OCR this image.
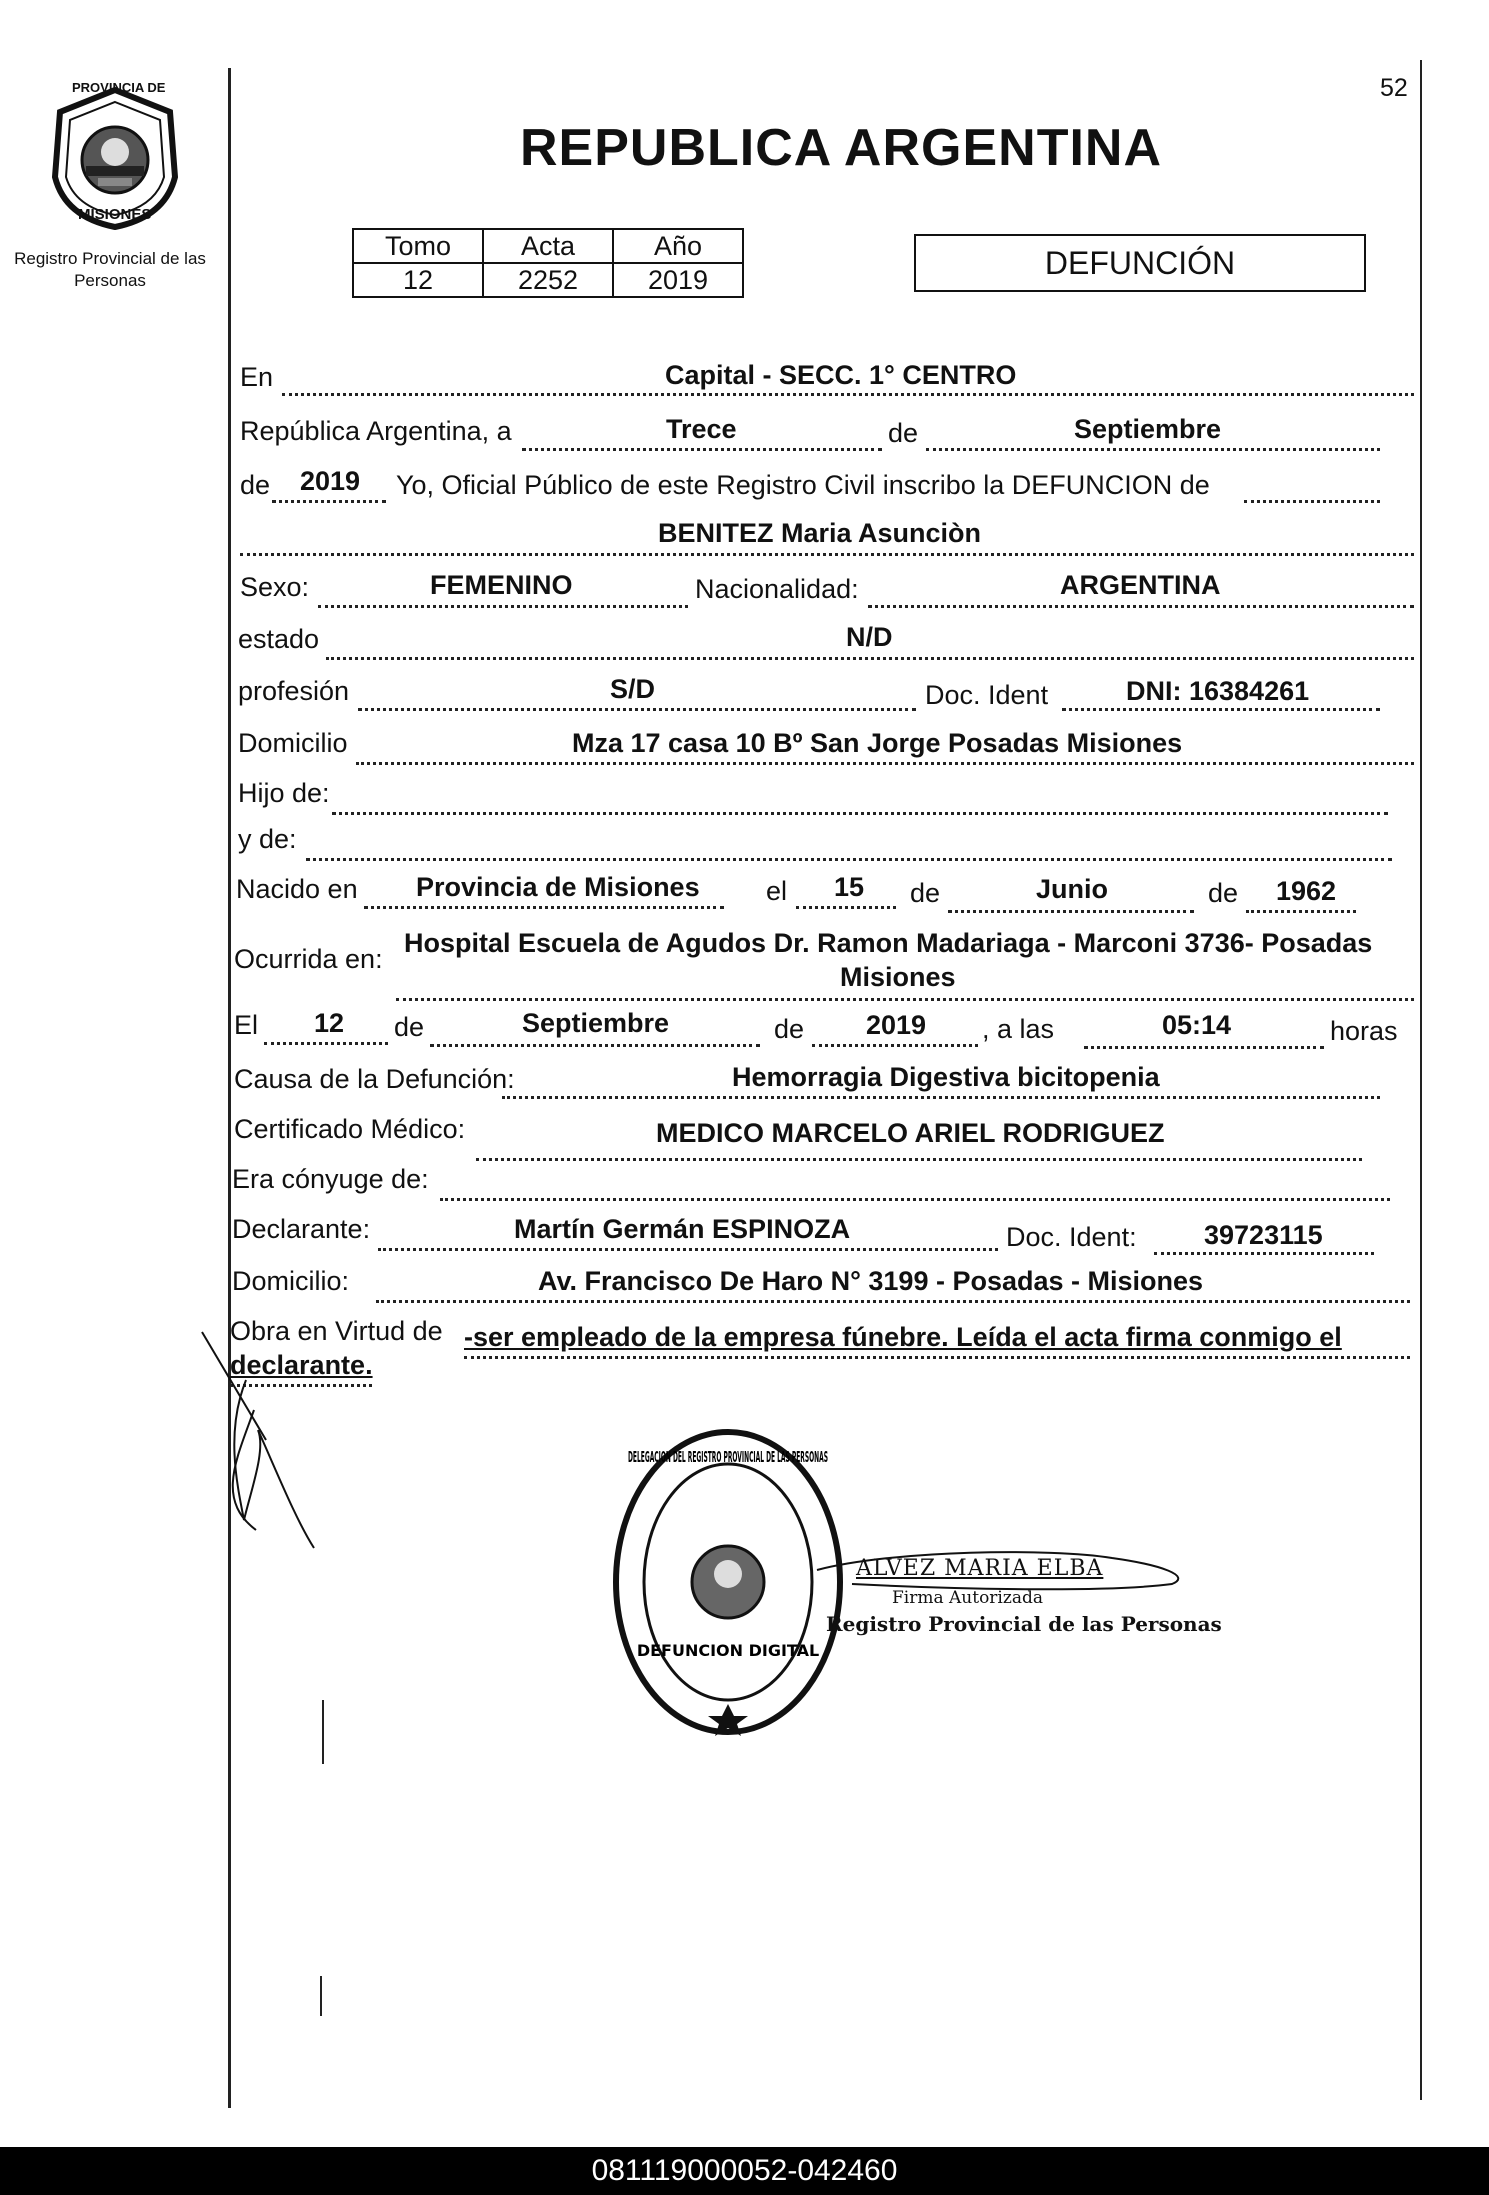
PROVINCIA DE
MISIONES
Registro Provincial de las Personas
52
REPUBLICA ARGENTINA
Tomo	Acta	Año
12	2252	2019	DEFUNCIÓN
En	Capital - SECC. 1° CENTRO
República Argentina, a	Trece	de	Septiembre
de 2019 Yo, Oficial Público de este Registro Civil inscribo la DEFUNCION de
BENITEZ Maria Asunciòn
Sexo:	FEMENINO	Nacionalidad:	ARGENTINA
estado	N/D
profesión	S/D	Doc. Ident	DNI: 16384261
Domicilio	Mza 17 casa 10 Bº San Jorge Posadas Misiones
Hijo de:
y de:
Nacido en Provincia de Misiones el 15 de	Junio	de 1962
Ocurrida en:
Hospital Escuela de Agudos Dr. Ramon Madariaga - Marconi 3736- Posadas
Misiones
El 12 de	Septiembre	de 2019 , a las	05:14	horas
Causa de la Defunción:	Hemorragia Digestiva bicitopenia
Certificado Médico:	MEDICO MARCELO ARIEL RODRIGUEZ
Era cónyuge de:
Declarante:	Martín Germán ESPINOZA	Doc. Ident: 39723115
Domicilio:	Av. Francisco De Haro N° 3199 - Posadas - Misiones
Obra en Virtud de -ser empleado de la empresa fúnebre. Leída el acta firma conmigo el
declarante.
DELEGACION DEL REGISTRO PROVINCIAL DE LAS PERSONAS
DEFUNCION DIGITAL
ALVEZ MARIA ELBA
Firma Autorizada
Registro Provincial de las Personas
081119000052-042460
